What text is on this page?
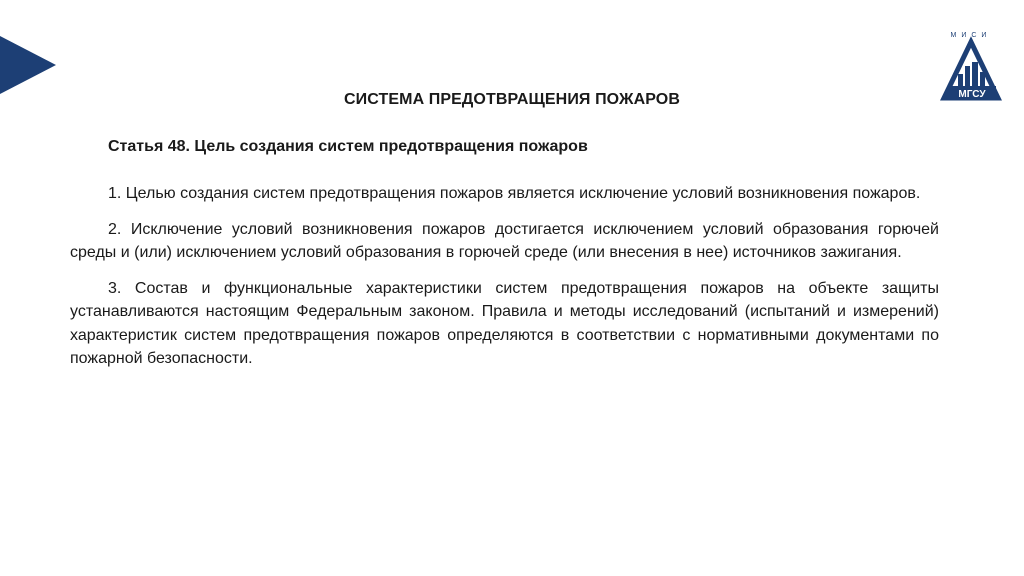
МИСИ
МГСУ
СИСТЕМА ПРЕДОТВРАЩЕНИЯ ПОЖАРОВ
Статья 48. Цель создания систем предотвращения пожаров

1. Целью создания систем предотвращения пожаров является исключение условий возникновения пожаров.

2. Исключение условий возникновения пожаров достигается исключением условий образования горючей среды и (или) исключением условий образования в горючей среде (или внесения в нее) источников зажигания.

3. Состав и функциональные характеристики систем предотвращения пожаров на объекте защиты устанавливаются настоящим Федеральным законом. Правила и методы исследований (испытаний и измерений) характеристик систем предотвращения пожаров определяются в соответствии с нормативными документами по пожарной безопасности.
